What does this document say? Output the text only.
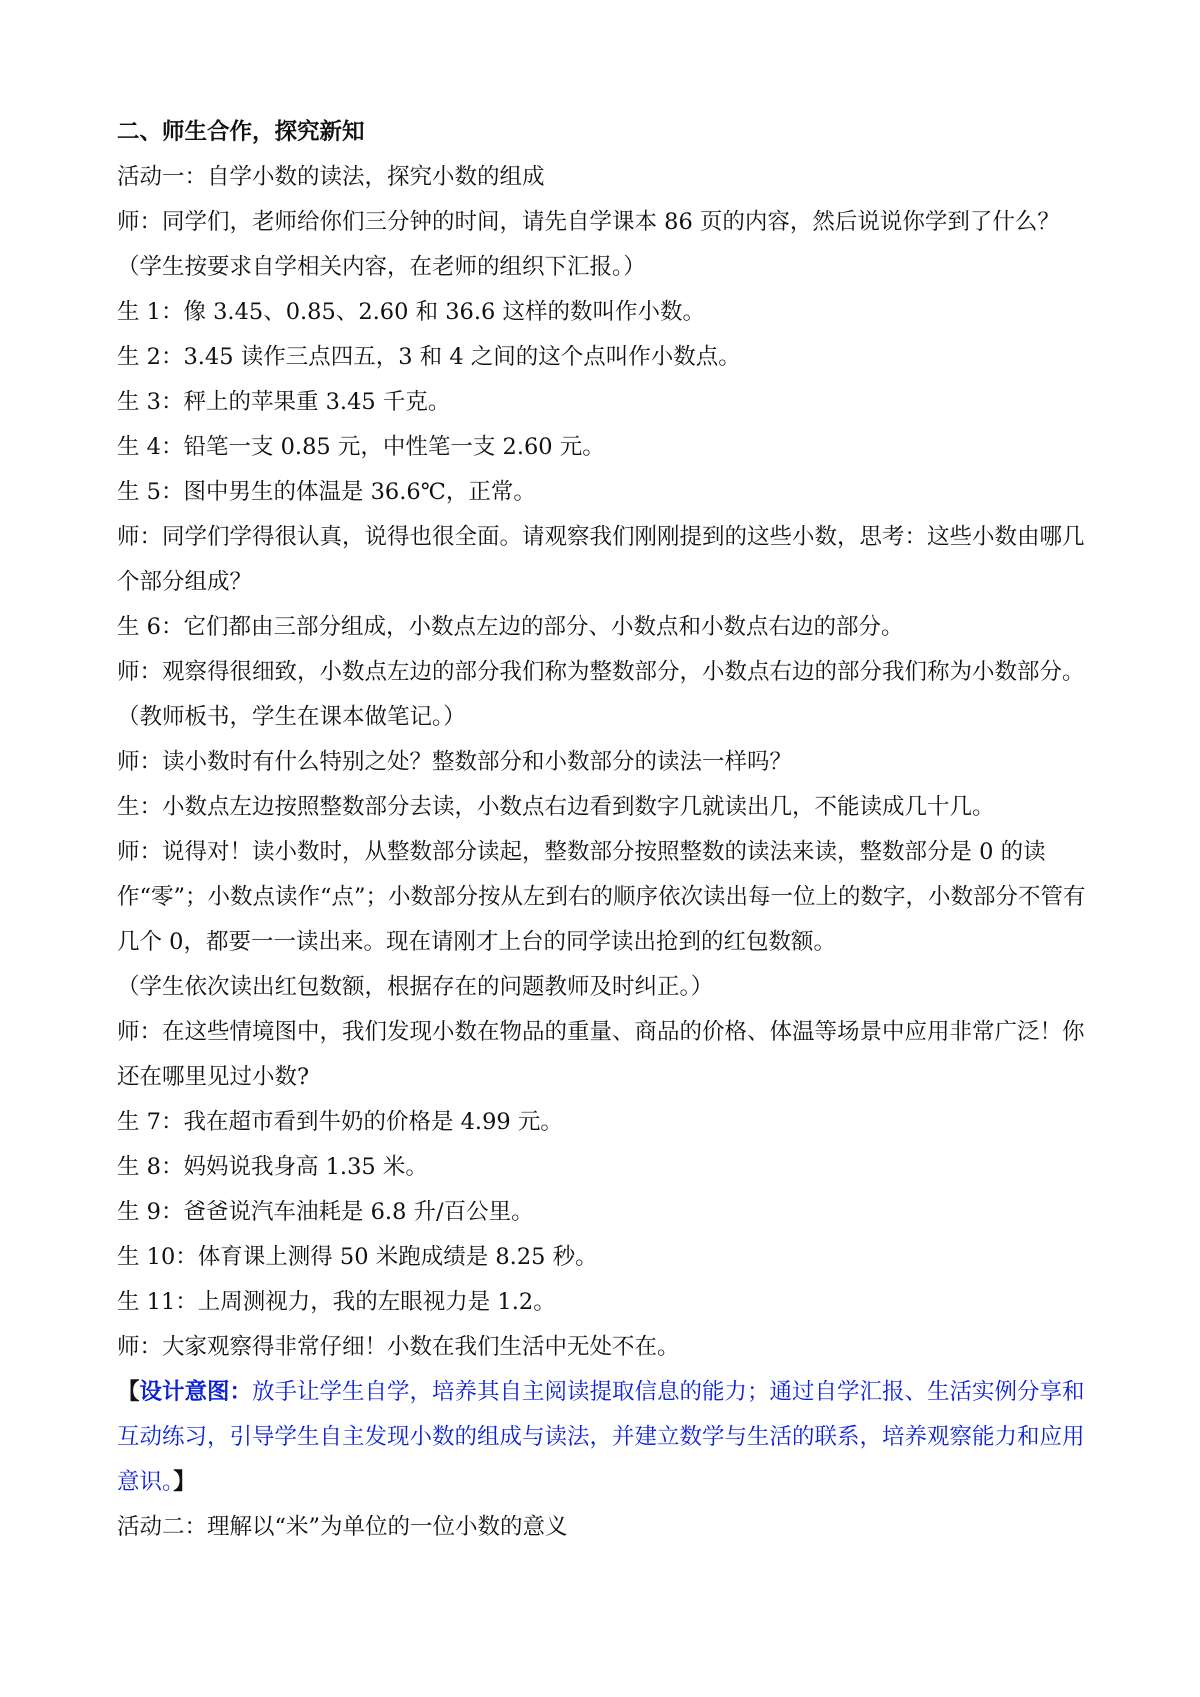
二、师生合作，探究新知
活动一：自学小数的读法，探究小数的组成
师：同学们，老师给你们三分钟的时间，请先自学课本 86 页的内容，然后说说你学到了什么？
（学生按要求自学相关内容，在老师的组织下汇报。）
生 1：像 3.45、0.85、2.60 和 36.6 这样的数叫作小数。
生 2：3.45 读作三点四五，3 和 4 之间的这个点叫作小数点。
生 3：秤上的苹果重 3.45 千克。
生 4：铅笔一支 0.85 元，中性笔一支 2.60 元。
生 5：图中男生的体温是 36.6℃，正常。
师：同学们学得很认真，说得也很全面。请观察我们刚刚提到的这些小数，思考：这些小数由哪几个部分组成？
生 6：它们都由三部分组成，小数点左边的部分、小数点和小数点右边的部分。
师：观察得很细致，小数点左边的部分我们称为整数部分，小数点右边的部分我们称为小数部分。
（教师板书，学生在课本做笔记。）
师：读小数时有什么特别之处？整数部分和小数部分的读法一样吗？
生：小数点左边按照整数部分去读，小数点右边看到数字几就读出几，不能读成几十几。
师：说得对！读小数时，从整数部分读起，整数部分按照整数的读法来读，整数部分是 0 的读作“零”；小数点读作“点”；小数部分按从左到右的顺序依次读出每一位上的数字，小数部分不管有几个 0，都要一一读出来。现在请刚才上台的同学读出抢到的红包数额。
（学生依次读出红包数额，根据存在的问题教师及时纠正。）
师：在这些情境图中，我们发现小数在物品的重量、商品的价格、体温等场景中应用非常广泛！你还在哪里见过小数?
生 7：我在超市看到牛奶的价格是 4.99 元。
生 8：妈妈说我身高 1.35 米。
生 9：爸爸说汽车油耗是 6.8 升/百公里。
生 10：体育课上测得 50 米跑成绩是 8.25 秒。
生 11：上周测视力，我的左眼视力是 1.2。
师：大家观察得非常仔细！小数在我们生活中无处不在。
【设计意图：放手让学生自学，培养其自主阅读提取信息的能力；通过自学汇报、生活实例分享和互动练习，引导学生自主发现小数的组成与读法，并建立数学与生活的联系，培养观察能力和应用意识。】
活动二：理解以“米”为单位的一位小数的意义
